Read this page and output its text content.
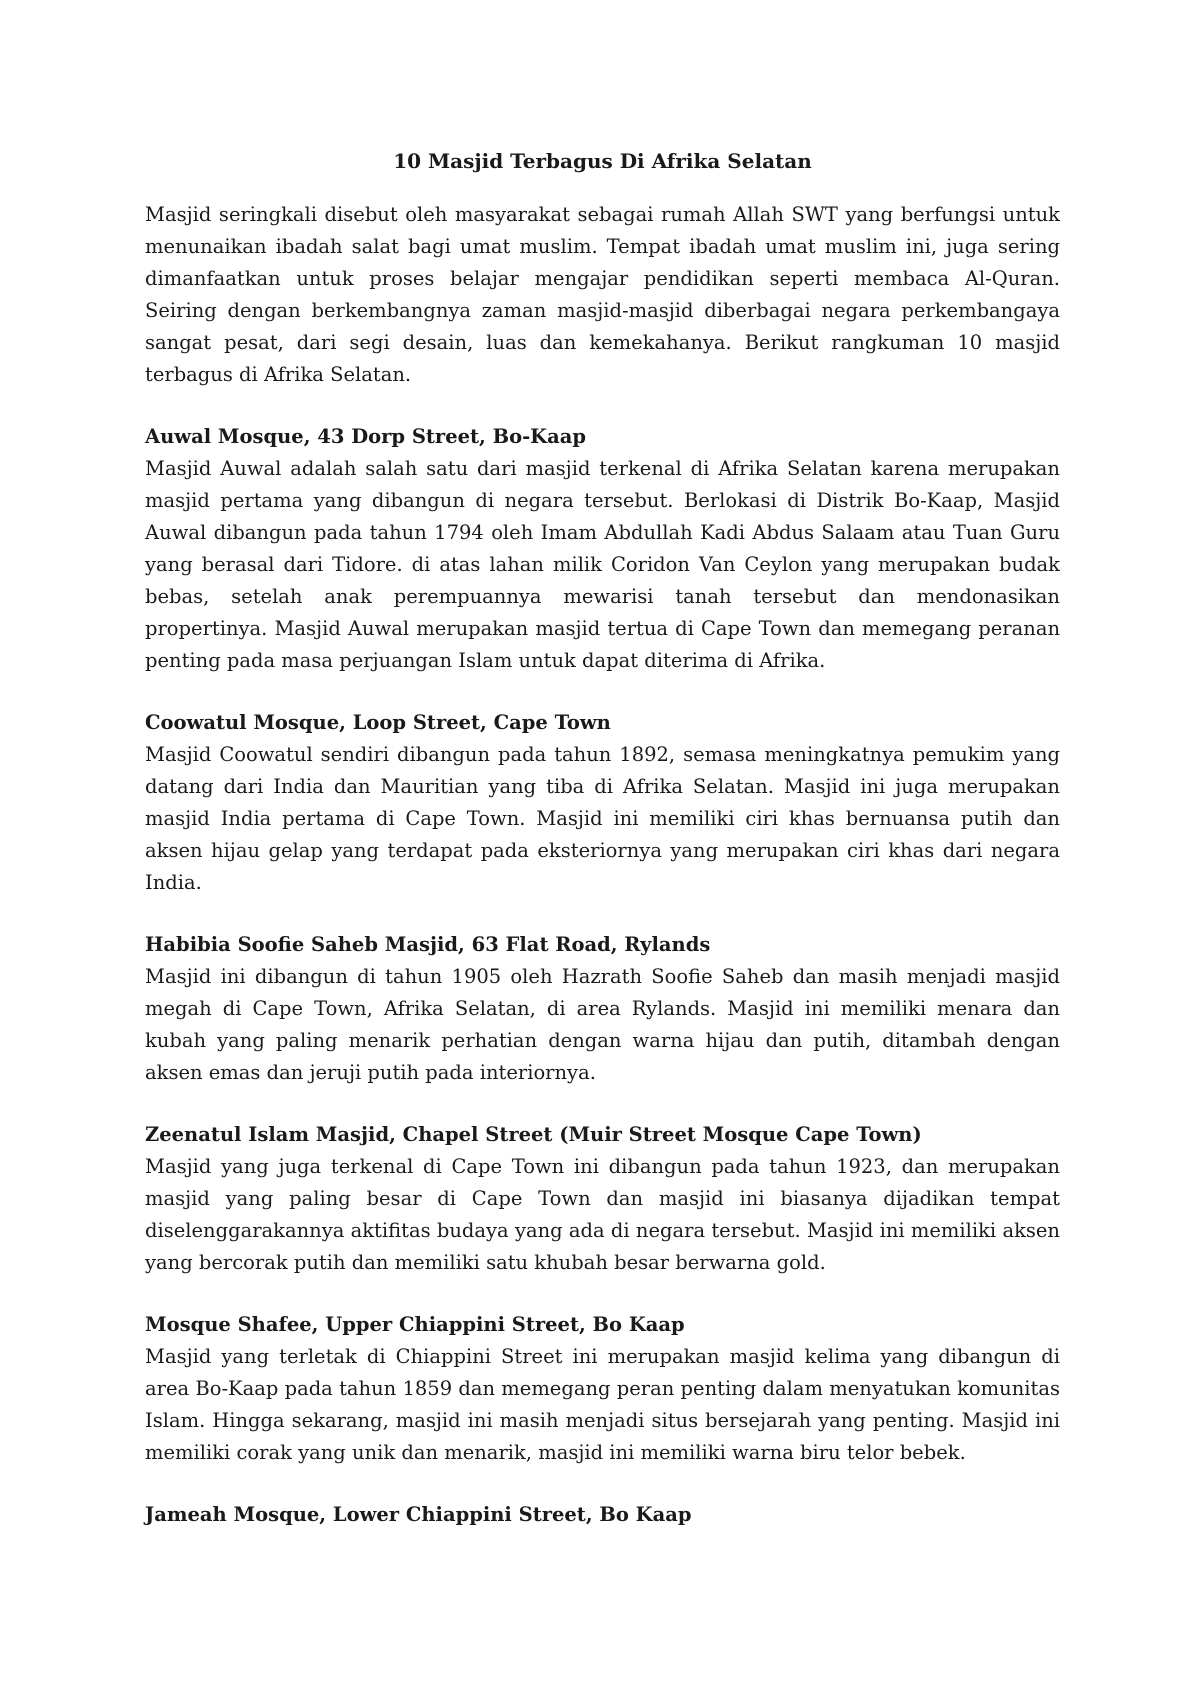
10 Masjid Terbagus Di Afrika Selatan

Masjid seringkali disebut oleh masyarakat sebagai rumah Allah SWT yang berfungsi untuk menunaikan ibadah salat bagi umat muslim. Tempat ibadah umat muslim ini, juga sering dimanfaatkan untuk proses belajar mengajar pendidikan seperti membaca Al-Quran. Seiring dengan berkembangnya zaman masjid-masjid diberbagai negara perkembangaya sangat pesat, dari segi desain, luas dan kemekahanya. Berikut rangkuman 10 masjid terbagus di Afrika Selatan.

Auwal Mosque, 43 Dorp Street, Bo-Kaap

Masjid Auwal adalah salah satu dari masjid terkenal di Afrika Selatan karena merupakan masjid pertama yang dibangun di negara tersebut. Berlokasi di Distrik Bo-Kaap, Masjid Auwal dibangun pada tahun 1794 oleh Imam Abdullah Kadi Abdus Salaam atau Tuan Guru yang berasal dari Tidore. di atas lahan milik Coridon Van Ceylon yang merupakan budak bebas, setelah anak perempuannya mewarisi tanah tersebut dan mendonasikan propertinya. Masjid Auwal merupakan masjid tertua di Cape Town dan memegang peranan penting pada masa perjuangan Islam untuk dapat diterima di Afrika.

Coowatul Mosque, Loop Street, Cape Town

Masjid Coowatul sendiri dibangun pada tahun 1892, semasa meningkatnya pemukim yang datang dari India dan Mauritian yang tiba di Afrika Selatan. Masjid ini juga merupakan masjid India pertama di Cape Town. Masjid ini memiliki ciri khas bernuansa putih dan aksen hijau gelap yang terdapat pada eksteriornya yang merupakan ciri khas dari negara India.

Habibia Soofie Saheb Masjid, 63 Flat Road, Rylands

Masjid ini dibangun di tahun 1905 oleh Hazrath Soofie Saheb dan masih menjadi masjid megah di Cape Town, Afrika Selatan, di area Rylands. Masjid ini memiliki menara dan kubah yang paling menarik perhatian dengan warna hijau dan putih, ditambah dengan aksen emas dan jeruji putih pada interiornya.

Zeenatul Islam Masjid, Chapel Street (Muir Street Mosque Cape Town)

Masjid yang juga terkenal di Cape Town ini dibangun pada tahun 1923, dan merupakan masjid yang paling besar di Cape Town dan masjid ini biasanya dijadikan tempat diselenggarakannya aktifitas budaya yang ada di negara tersebut. Masjid ini memiliki aksen yang bercorak putih dan memiliki satu khubah besar berwarna gold.

Mosque Shafee, Upper Chiappini Street, Bo Kaap

Masjid yang terletak di Chiappini Street ini merupakan masjid kelima yang dibangun di area Bo-Kaap pada tahun 1859 dan memegang peran penting dalam menyatukan komunitas Islam. Hingga sekarang, masjid ini masih menjadi situs bersejarah yang penting. Masjid ini memiliki corak yang unik dan menarik, masjid ini memiliki warna biru telor bebek.

Jameah Mosque, Lower Chiappini Street, Bo Kaap
